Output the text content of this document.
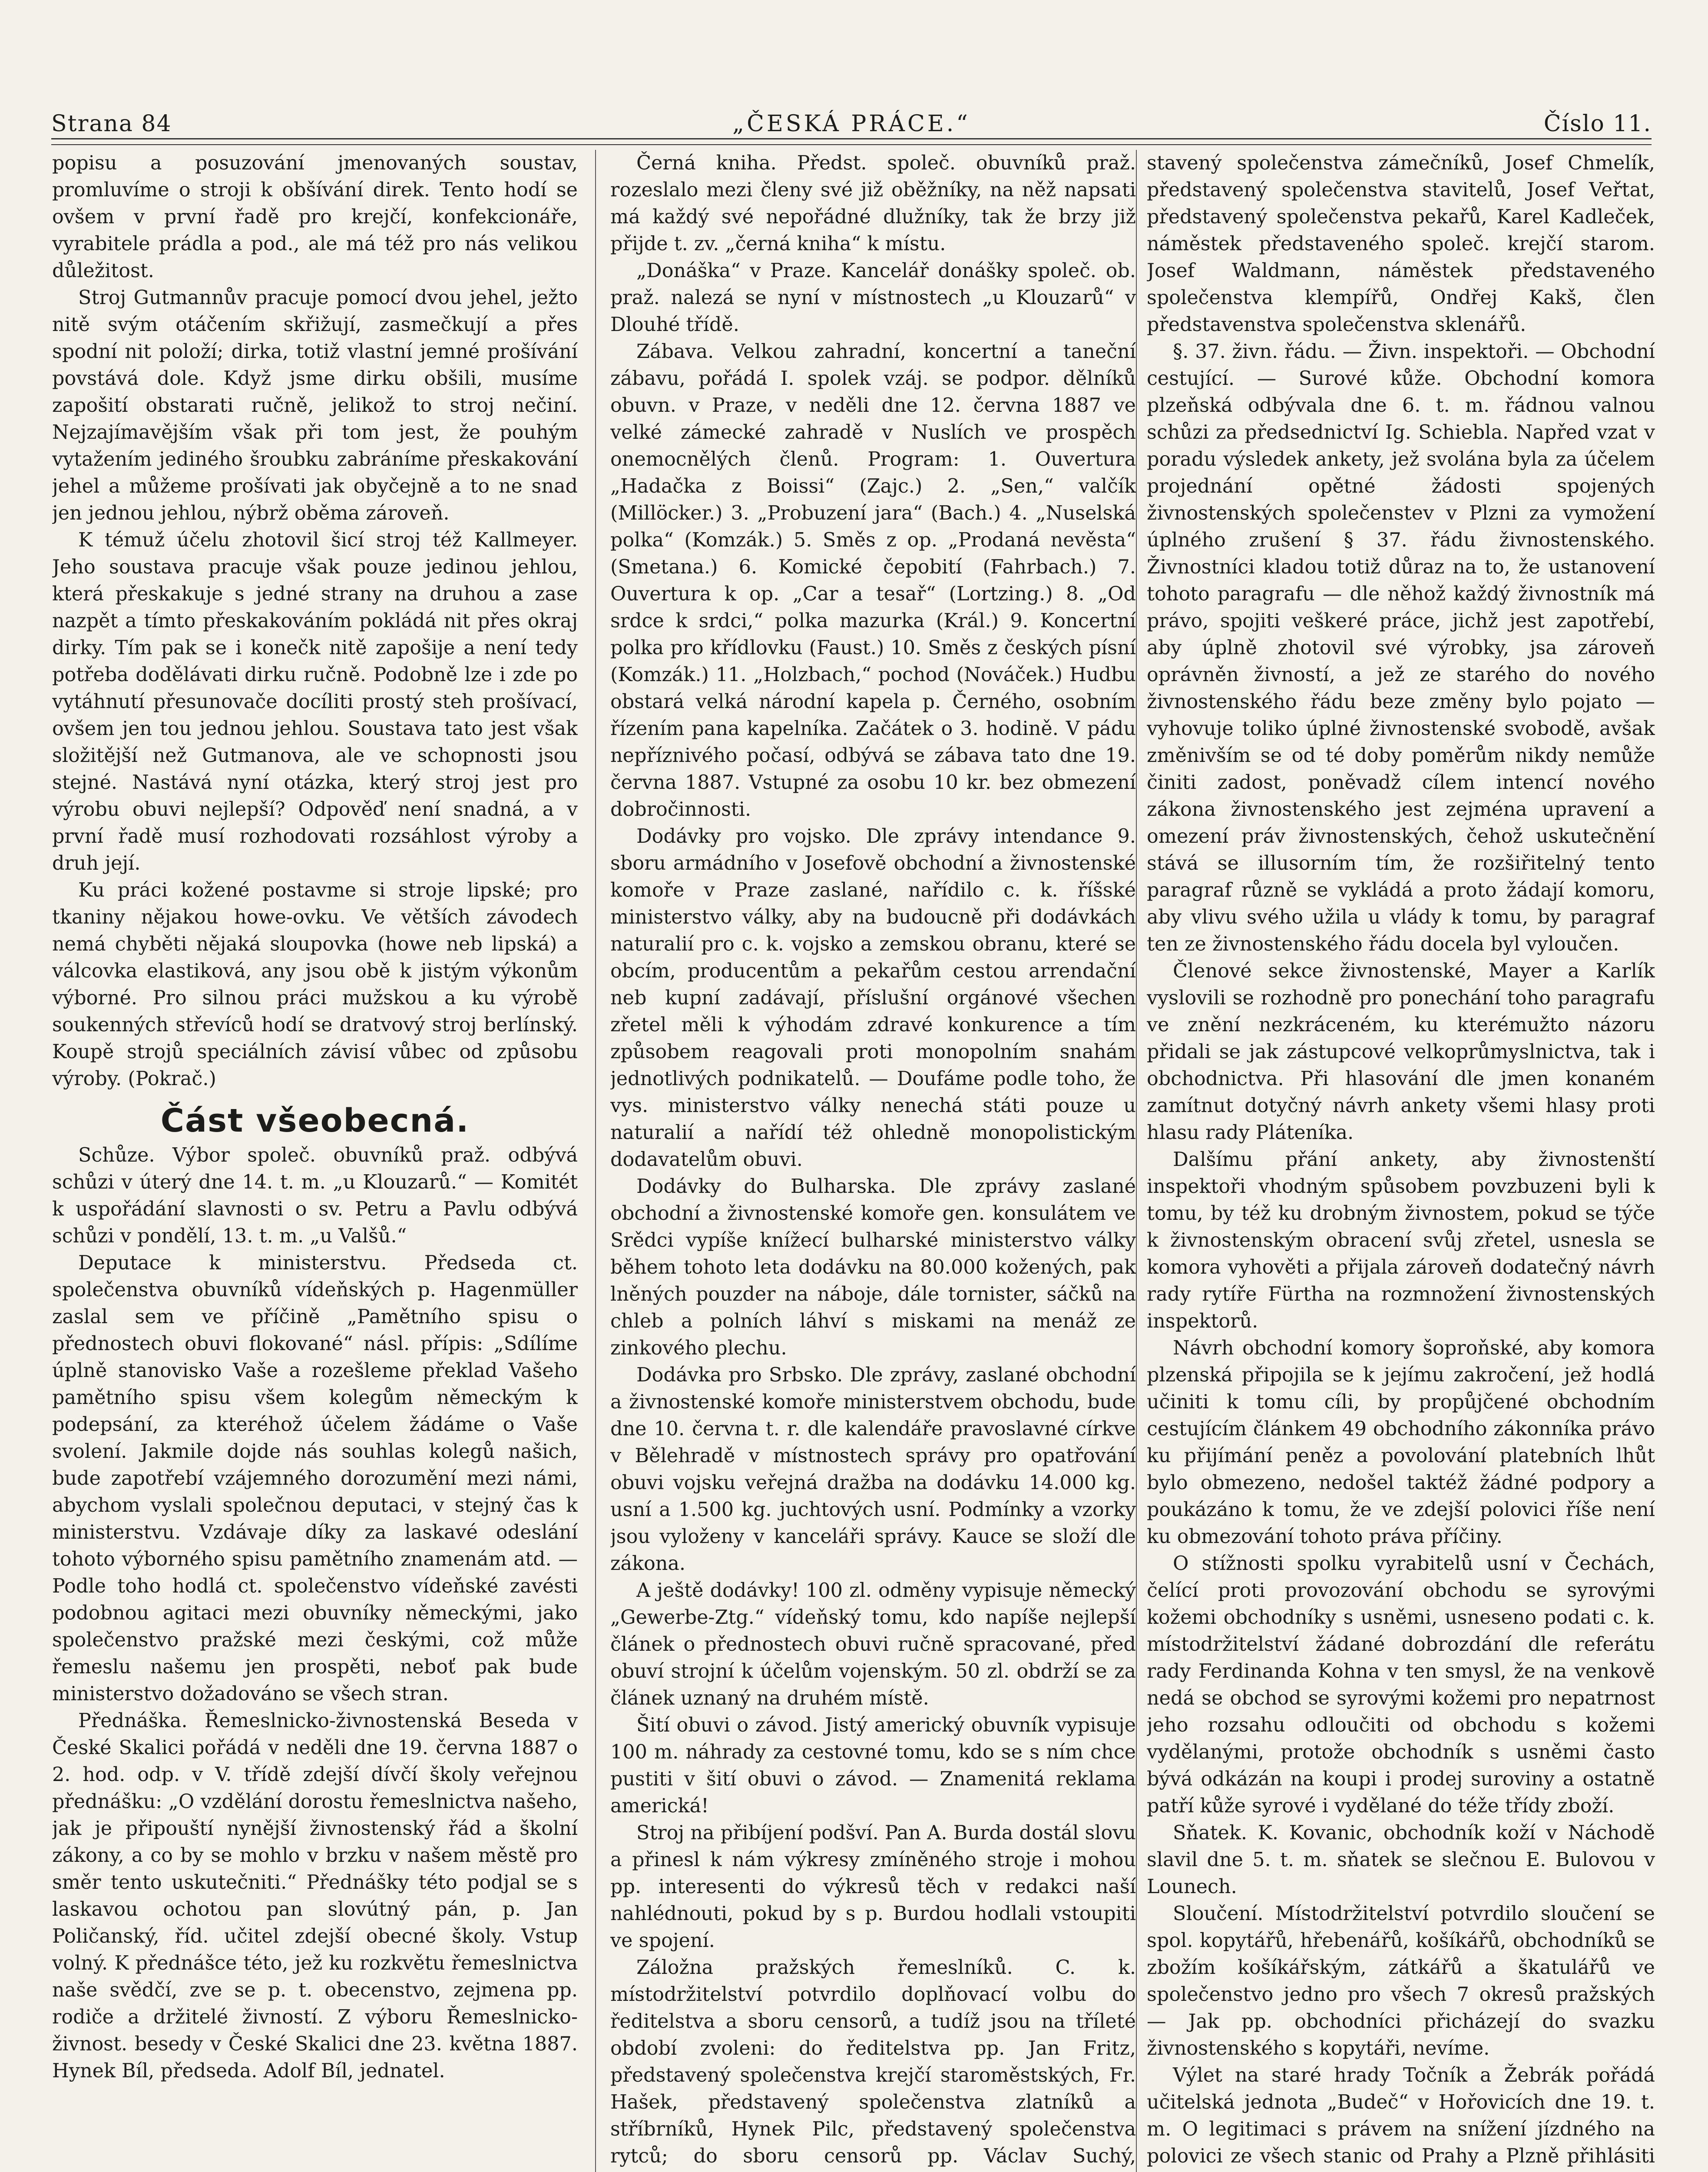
Strana 84	„ČESKÁ PRÁCE.“	Číslo 11.

popisu a posuzování jmenovaných soustav, promluvíme o stroji k obšívání direk. Tento hodí se ovšem v první řadě pro krejčí, konfekcionáře, vyrabitele prádla a pod., ale má též pro nás velikou důležitost.

Stroj Gutmannův pracuje pomocí dvou jehel, ježto nitě svým otáčením skřižují, zasmečkují a přes spodní nit položí; dirka, totiž vlastní jemné prošívání povstává dole. Když jsme dirku obšili, musíme zapošití obstarati ručně, jelikož to stroj nečiní. Nejzajímavějším však při tom jest, že pouhým vytažením jediného šroubku zabráníme přeskakování jehel a můžeme prošívati jak obyčejně a to ne snad jen jednou jehlou, nýbrž oběma zároveň.

K témuž účelu zhotovil šicí stroj též Kallmeyer. Jeho soustava pracuje však pouze jedinou jehlou, která přeskakuje s jedné strany na druhou a zase nazpět a tímto přeskakováním pokládá nit přes okraj dirky. Tím pak se i konečk nitě zapošije a není tedy potřeba dodělávati dirku ručně. Podobně lze i zde po vytáhnutí přesunovače docíliti prostý steh prošívací, ovšem jen tou jednou jehlou. Soustava tato jest však složitější než Gutmanova, ale ve schopnosti jsou stejné. Nastává nyní otázka, který stroj jest pro výrobu obuvi nejlepší? Odpověď není snadná, a v první řadě musí rozhodovati rozsáhlost výroby a druh její.

Ku práci kožené postavme si stroje lipské; pro tkaniny nějakou howe-ovku. Ve větších závodech nemá chyběti nějaká sloupovka (howe neb lipská) a válcovka elastiková, any jsou obě k jistým výkonům výborné. Pro silnou práci mužskou a ku výrobě soukenných střevíců hodí se dratvový stroj berlínský. Koupě strojů speciálních závisí vůbec od způsobu výroby. (Pokrač.)

Část všeobecná.

Schůze. Výbor společ. obuvníků praž. odbývá schůzi v úterý dne 14. t. m. „u Klouzarů.“ — Komitét k uspořádání slavnosti o sv. Petru a Pavlu odbývá schůzi v pondělí, 13. t. m. „u Valšů.“

Deputace k ministerstvu. Předseda ct. společenstva obuvníků vídeňských p. Hagenmüller zaslal sem ve příčině „Pamětního spisu o přednostech obuvi flokované“ násl. přípis: „Sdílíme úplně stanovisko Vaše a rozešleme překlad Vašeho pamětního spisu všem kolegům německým k podepsání, za kteréhož účelem žádáme o Vaše svolení. Jakmile dojde nás souhlas kolegů našich, bude zapotřebí vzájemného dorozumění mezi námi, abychom vyslali společnou deputaci, v stejný čas k ministerstvu. Vzdávaje díky za laskavé odeslání tohoto výborného spisu pamětního znamenám atd. — Podle toho hodlá ct. společenstvo vídeňské zavésti podobnou agitaci mezi obuvníky německými, jako společenstvo pražské mezi českými, což může řemeslu našemu jen prospěti, neboť pak bude ministerstvo dožadováno se všech stran.

Přednáška. Řemeslnicko-živnostenská Beseda v České Skalici pořádá v neděli dne 19. června 1887 o 2. hod. odp. v V. třídě zdejší dívčí školy veřejnou přednášku: „O vzdělání dorostu řemeslnictva našeho, jak je připouští nynější živnostenský řád a školní zákony, a co by se mohlo v brzku v našem městě pro směr tento uskutečniti.“ Přednášky této podjal se s laskavou ochotou pan slovútný pán, p. Jan Poličanský, říd. učitel zdejší obecné školy. Vstup volný. K přednášce této, jež ku rozkvětu řemeslnictva naše svědčí, zve se p. t. obecenstvo, zejmena pp. rodiče a držitelé živností. Z výboru Řemeslnicko-živnost. besedy v České Skalici dne 23. května 1887. Hynek Bíl, předseda. Adolf Bíl, jednatel.

Černá kniha. Předst. společ. obuvníků praž. rozeslalo mezi členy své již oběžníky, na něž napsati má každý své nepořádné dlužníky, tak že brzy již přijde t. zv. „černá kniha“ k místu.

„Donáška“ v Praze. Kancelář donášky společ. ob. praž. nalezá se nyní v místnostech „u Klouzarů“ v Dlouhé třídě.

Zábava. Velkou zahradní, koncertní a taneční zábavu, pořádá I. spolek vzáj. se podpor. dělníků obuvn. v Praze, v neděli dne 12. června 1887 ve velké zámecké zahradě v Nuslích ve prospěch onemocnělých členů. Program: 1. Ouvertura „Hadačka z Boissi“ (Zajc.) 2. „Sen,“ valčík (Millöcker.) 3. „Probuzení jara“ (Bach.) 4. „Nuselská polka“ (Komzák.) 5. Směs z op. „Prodaná nevěsta“ (Smetana.) 6. Komické čepobití (Fahrbach.) 7. Ouvertura k op. „Car a tesař“ (Lortzing.) 8. „Od srdce k srdci,“ polka mazurka (Král.) 9. Koncertní polka pro křídlovku (Faust.) 10. Směs z českých písní (Komzák.) 11. „Holzbach,“ pochod (Nováček.) Hudbu obstará velká národní kapela p. Černého, osobním řízením pana kapelníka. Začátek o 3. hodině. V pádu nepříznivého počasí, odbývá se zábava tato dne 19. června 1887. Vstupné za osobu 10 kr. bez obmezení dobročinnosti.

Dodávky pro vojsko. Dle zprávy intendance 9. sboru armádního v Josefově obchodní a živnostenské komoře v Praze zaslané, nařídilo c. k. říšské ministerstvo války, aby na budoucně při dodávkách naturalií pro c. k. vojsko a zemskou obranu, které se obcím, producentům a pekařům cestou arrendační neb kupní zadávají, příslušní orgánové všechen zřetel měli k výhodám zdravé konkurence a tím způsobem reagovali proti monopolním snahám jednotlivých podnikatelů. — Doufáme podle toho, že vys. ministerstvo války nenechá státi pouze u naturalií a nařídí též ohledně monopolistickým dodavatelům obuvi.

Dodávky do Bulharska. Dle zprávy zaslané obchodní a živnostenské komoře gen. konsulátem ve Srědci vypíše knížecí bulharské ministerstvo války během tohoto leta dodávku na 80.000 kožených, pak lněných pouzder na náboje, dále tornister, sáčků na chleb a polních láhví s miskami na menáž ze zinkového plechu.

Dodávka pro Srbsko. Dle zprávy, zaslané obchodní a živnostenské komoře ministerstvem obchodu, bude dne 10. června t. r. dle kalendáře pravoslavné církve v Bělehradě v místnostech správy pro opatřování obuvi vojsku veřejná dražba na dodávku 14.000 kg. usní a 1.500 kg. juchtových usní. Podmínky a vzorky jsou vyloženy v kanceláři správy. Kauce se složí dle zákona.

A ještě dodávky! 100 zl. odměny vypisuje německý „Gewerbe-Ztg.“ vídeňský tomu, kdo napíše nejlepší článek o přednostech obuvi ručně spracované, před obuví strojní k účelům vojenským. 50 zl. obdrží se za článek uznaný na druhém místě.

Šití obuvi o závod. Jistý americký obuvník vypisuje 100 m. náhrady za cestovné tomu, kdo se s ním chce pustiti v šití obuvi o závod. — Znamenitá reklama americká!

Stroj na přibíjení podšví. Pan A. Burda dostál slovu a přinesl k nám výkresy zmíněného stroje i mohou pp. interesenti do výkresů těch v redakci naší nahlédnouti, pokud by s p. Burdou hodlali vstoupiti ve spojení.

Záložna pražských řemeslníků. C. k. místodržitelství potvrdilo doplňovací volbu do ředitelstva a sboru censorů, a tudíž jsou na tříleté období zvoleni: do ředitelstva pp. Jan Fritz, představený společenstva krejčí staroměstských, Fr. Hašek, představený společenstva zlatníků a stříbrníků, Hynek Pilc, představený společenstva rytců; do sboru censorů pp. Václav Suchý,

stavený společenstva zámečníků, Josef Chmelík, představený společenstva stavitelů, Josef Veřtat, představený společenstva pekařů, Karel Kadleček, náměstek představeného společ. krejčí starom. Josef Waldmann, náměstek představeného společenstva klempířů, Ondřej Kakš, člen představenstva společenstva sklenářů.

§. 37. živn. řádu. — Živn. inspektoři. — Obchodní cestující. — Surové kůže. Obchodní komora plzeňská odbývala dne 6. t. m. řádnou valnou schůzi za předsednictví Ig. Schiebla. Napřed vzat v poradu výsledek ankety, jež svolána byla za účelem projednání opětné žádosti spojených živnostenských společenstev v Plzni za vymožení úplného zrušení § 37. řádu živnostenského. Živnostníci kladou totiž důraz na to, že ustanovení tohoto paragrafu — dle něhož každý živnostník má právo, spojiti veškeré práce, jichž jest zapotřebí, aby úplně zhotovil své výrobky, jsa zároveň oprávněn živností, a jež ze starého do nového živnostenského řádu beze změny bylo pojato — vyhovuje toliko úplné živnostenské svobodě, avšak změnivším se od té doby poměrům nikdy nemůže činiti zadost, poněvadž cílem intencí nového zákona živnostenského jest zejména upravení a omezení práv živnostenských, čehož uskutečnění stává se illusorním tím, že rozšiřitelný tento paragraf různě se vykládá a proto žádají komoru, aby vlivu svého užila u vlády k tomu, by paragraf ten ze živnostenského řádu docela byl vyloučen.

Členové sekce živnostenské, Mayer a Karlík vyslovili se rozhodně pro ponechání toho paragrafu ve znění nezkráceném, ku kterémužto názoru přidali se jak zástupcové velkoprůmyslnictva, tak i obchodnictva. Při hlasování dle jmen konaném zamítnut dotyčný návrh ankety všemi hlasy proti hlasu rady Pláteníka.

Dalšímu přání ankety, aby živnostenští inspektoři vhodným spůsobem povzbuzeni byli k tomu, by též ku drobným živnostem, pokud se týče k živnostenským obracení svůj zřetel, usnesla se komora vyhověti a přijala zároveň dodatečný návrh rady rytíře Fürtha na rozmnožení živnostenských inspektorů.

Návrh obchodní komory šoproňské, aby komora plzenská připojila se k jejímu zakročení, jež hodlá učiniti k tomu cíli, by propůjčené obchodním cestujícím článkem 49 obchodního zákonníka právo ku přijímání peněz a povolování platebních lhůt bylo obmezeno, nedošel taktéž žádné podpory a poukázáno k tomu, že ve zdejší polovici říše není ku obmezování tohoto práva příčiny.

O stížnosti spolku vyrabitelů usní v Čechách, čelící proti provozování obchodu se syrovými kožemi obchodníky s usněmi, usneseno podati c. k. místodržitelství žádané dobrozdání dle referátu rady Ferdinanda Kohna v ten smysl, že na venkově nedá se obchod se syrovými kožemi pro nepatrnost jeho rozsahu odloučiti od obchodu s kožemi vydělanými, protože obchodník s usněmi často bývá odkázán na koupi i prodej suroviny a ostatně patří kůže syrové i vydělané do téže třídy zboží.

Sňatek. K. Kovanic, obchodník koží v Náchodě slavil dne 5. t. m. sňatek se slečnou E. Bulovou v Lounech.

Sloučení. Místodržitelství potvrdilo sloučení se spol. kopytářů, hřebenářů, košíkářů, obchodníků se zbožím košíkářským, zátkářů a škatulářů ve společenstvo jedno pro všech 7 okresů pražských — Jak pp. obchodníci přicházejí do svazku živnostenského s kopytáři, nevíme.

Výlet na staré hrady Točník a Žebrák pořádá učitelská jednota „Budeč“ v Hořovicích dne 19. t. m. O legitimaci s právem na snížení jízdného na polovici ze všech stanic od Prahy a Plzně přihlásiti
